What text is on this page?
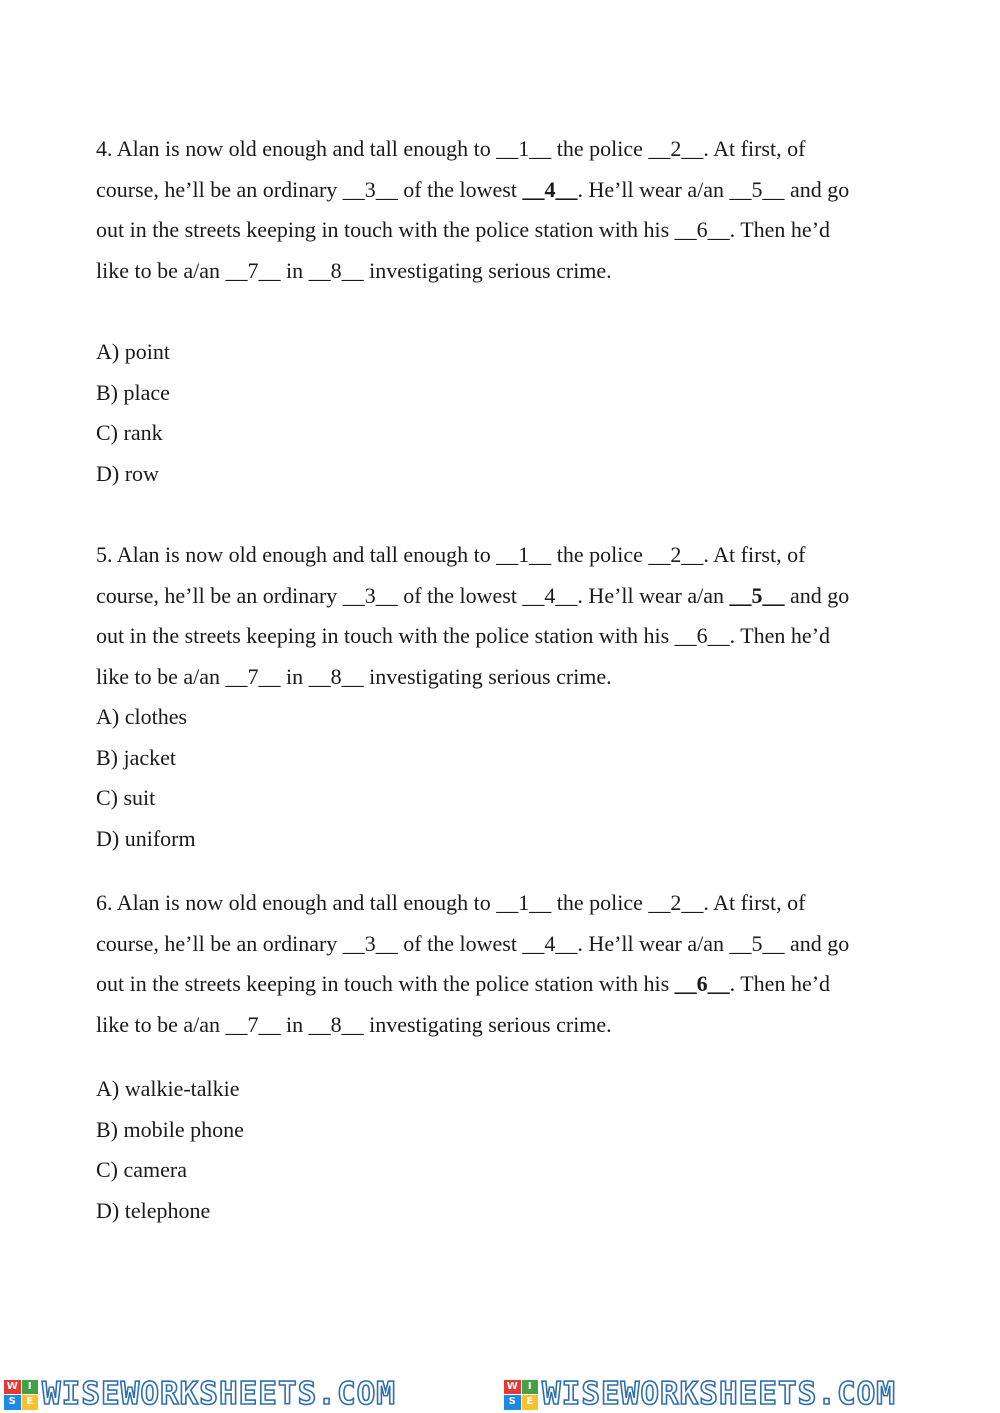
4. Alan is now old enough and tall enough to __1__ the police __2__. At first, of
course, he’ll be an ordinary __3__ of the lowest __4__. He’ll wear a/an __5__ and go
out in the streets keeping in touch with the police station with his __6__. Then he’d
like to be a/an __7__ in __8__ investigating serious crime.
A) point
B) place
C) rank
D) row
5. Alan is now old enough and tall enough to __1__ the police __2__. At first, of
course, he’ll be an ordinary __3__ of the lowest __4__. He’ll wear a/an __5__ and go
out in the streets keeping in touch with the police station with his __6__. Then he’d
like to be a/an __7__ in __8__ investigating serious crime.
A) clothes
B) jacket
C) suit
D) uniform
6. Alan is now old enough and tall enough to __1__ the police __2__. At first, of
course, he’ll be an ordinary __3__ of the lowest __4__. He’ll wear a/an __5__ and go
out in the streets keeping in touch with the police station with his __6__. Then he’d
like to be a/an __7__ in __8__ investigating serious crime.
A) walkie-talkie
B) mobile phone
C) camera
D) telephone
W	I
S	E WISEWORKSHEETS.COM	W	I
S	E WISEWORKSHEETS.COM
